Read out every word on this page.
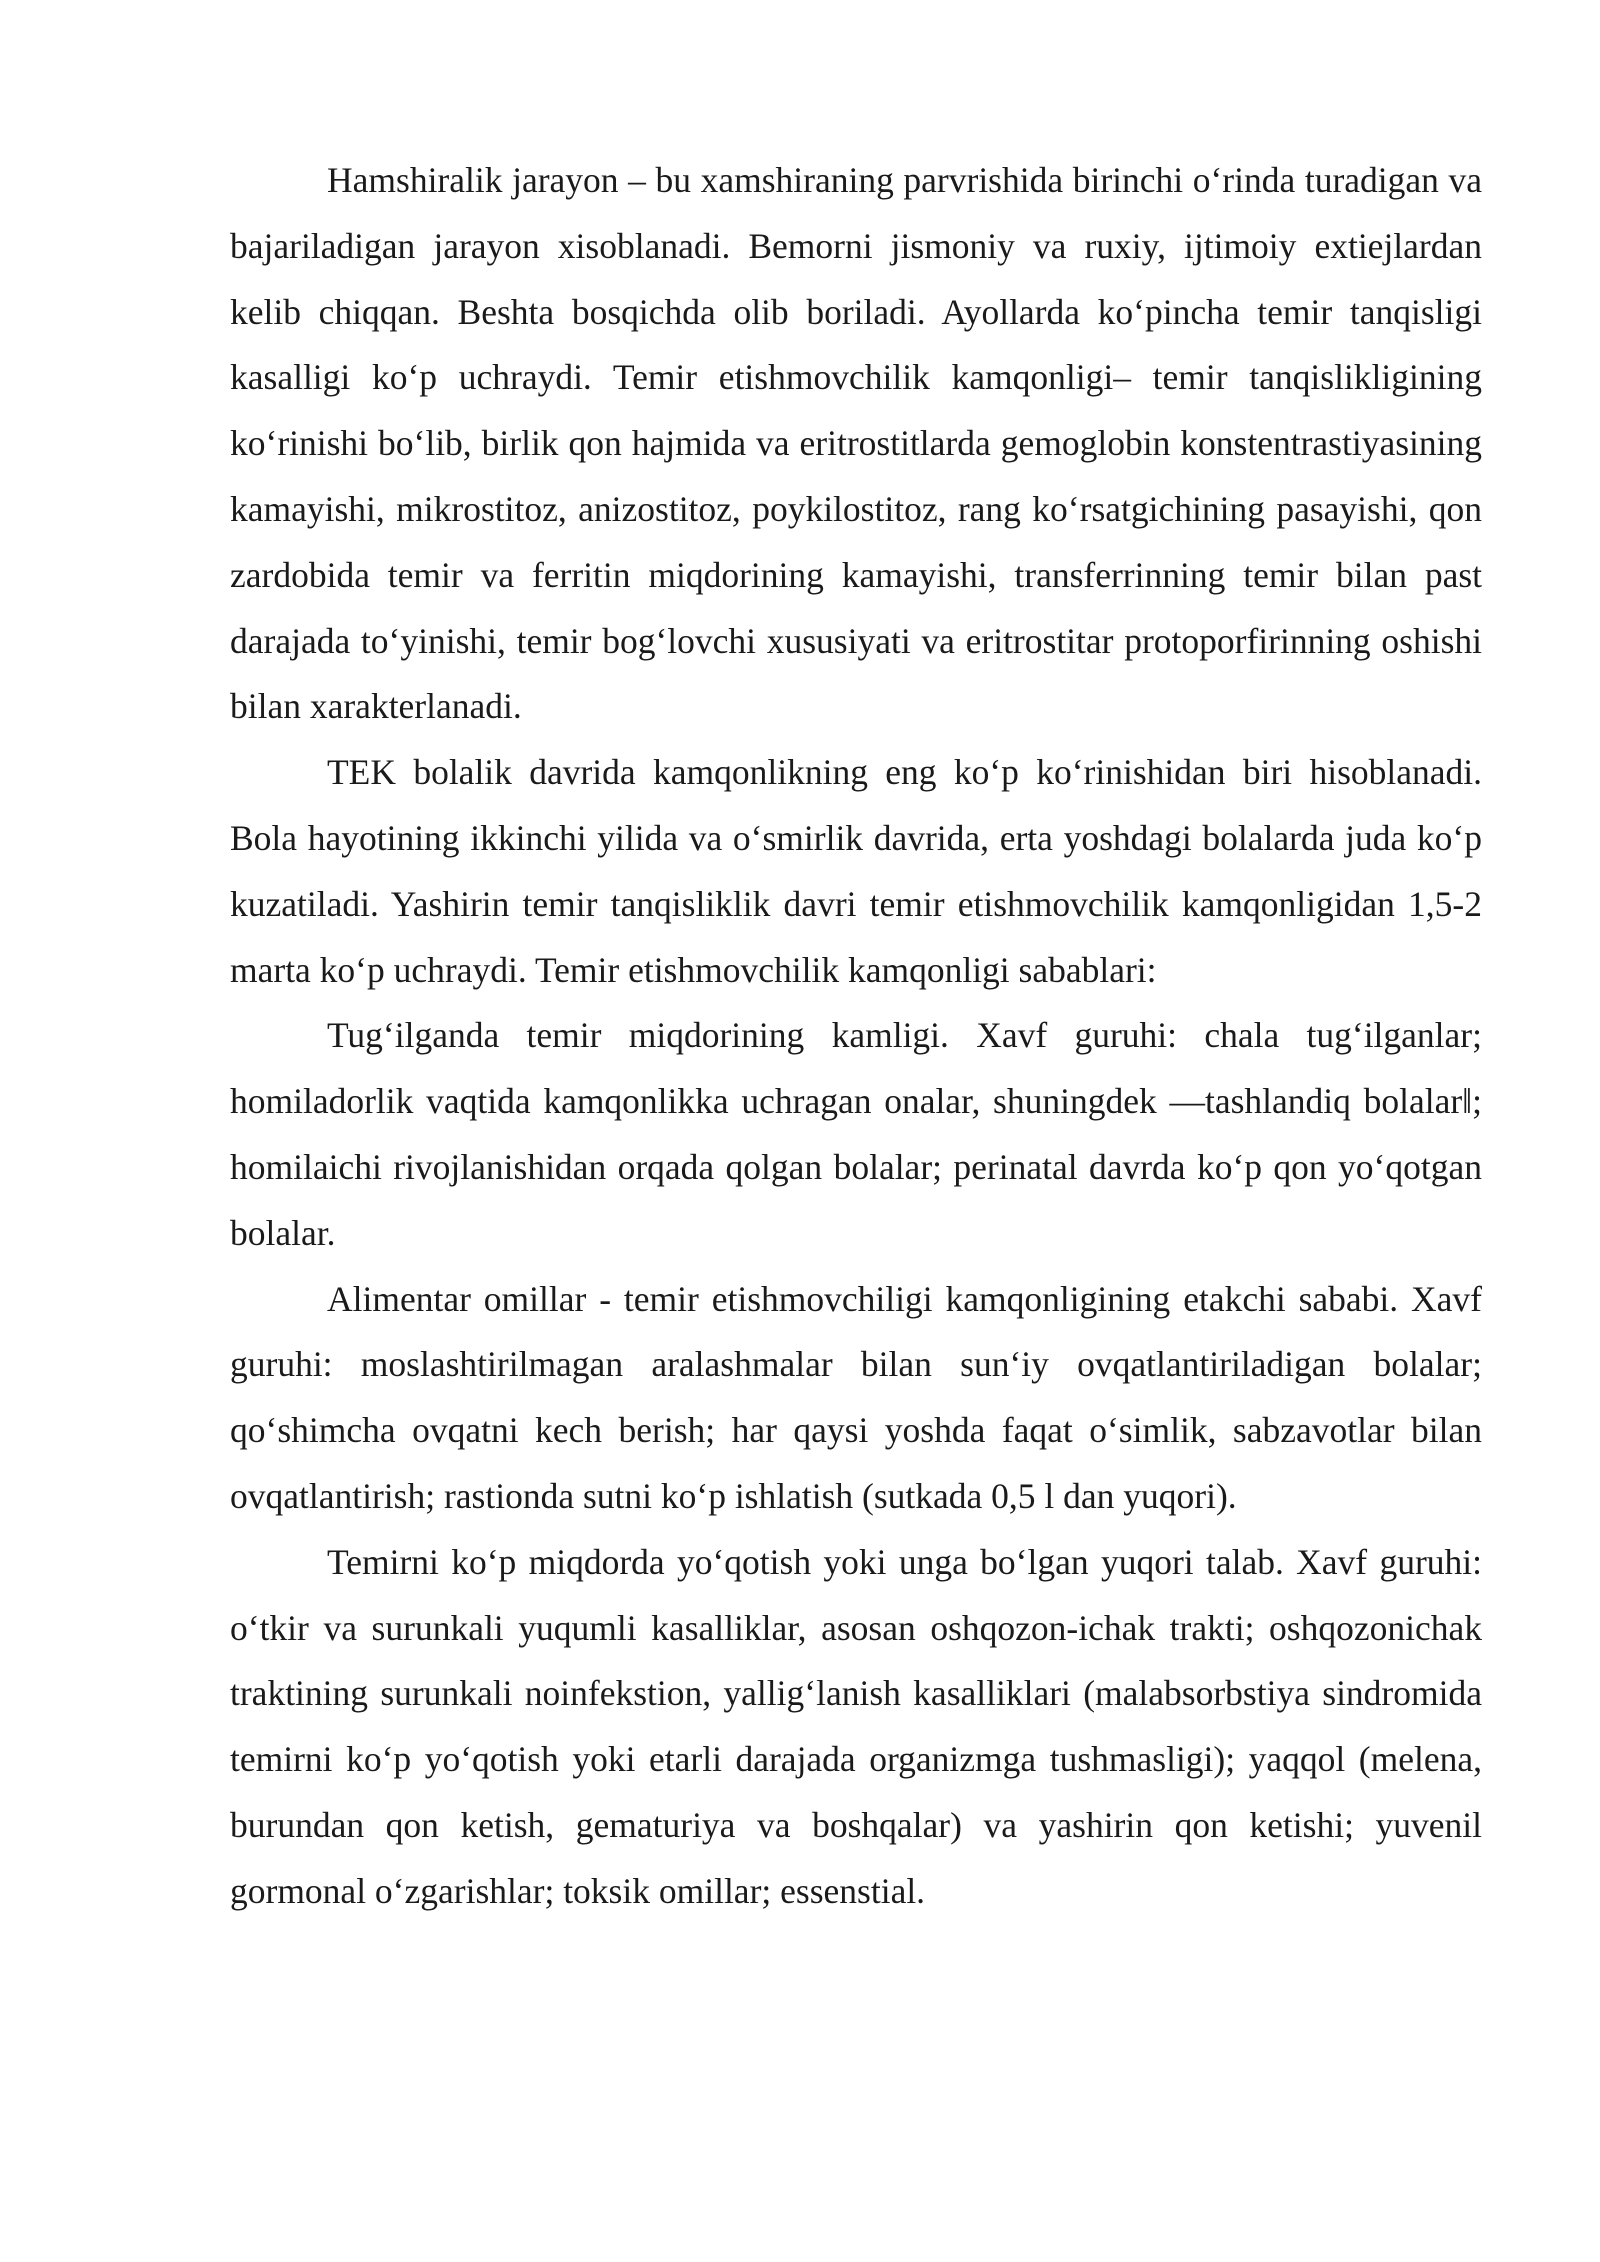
Hamshiralik jarayon – bu xamshiraning parvrishida birinchi o‘rinda turadigan va bajariladigan jarayon xisoblanadi. Bemorni jismoniy va ruxiy, ijtimoiy extiejlardan kelib chiqqan. Beshta bosqichda olib boriladi. Ayollarda ko‘pincha temir tanqisligi kasalligi ko‘p uchraydi. Temir etishmovchilik kamqonligi– temir tanqislikligining ko‘rinishi bo‘lib, birlik qon hajmida va eritrostitlarda gemoglobin konstentrastiyasining kamayishi, mikrostitoz, anizostitoz, poykilostitoz, rang ko‘rsatgichining pasayishi, qon zardobida temir va ferritin miqdorining kamayishi, transferrinning temir bilan past darajada to‘yinishi, temir bog‘lovchi xususiyati va eritrostitar protoporfirinning oshishi bilan xarakterlanadi.

TEK bolalik davrida kamqonlikning eng ko‘p ko‘rinishidan biri hisoblanadi. Bola hayotining ikkinchi yilida va o‘smirlik davrida, erta yoshdagi bolalarda juda ko‘p kuzatiladi. Yashirin temir tanqisliklik davri temir etishmovchilik kamqonligidan 1,5-2 marta ko‘p uchraydi. Temir etishmovchilik kamqonligi sabablari:

Tug‘ilganda temir miqdorining kamligi. Xavf guruhi: chala tug‘ilganlar; homiladorlik vaqtida kamqonlikka uchragan onalar, shuningdek ―tashlandiq bolalar‖; homilaichi rivojlanishidan orqada qolgan bolalar; perinatal davrda ko‘p qon yo‘qotgan bolalar.

Alimentar omillar - temir etishmovchiligi kamqonligining etakchi sababi. Xavf guruhi: moslashtirilmagan aralashmalar bilan sun‘iy ovqatlantiriladigan bolalar; qo‘shimcha ovqatni kech berish; har qaysi yoshda faqat o‘simlik, sabzavotlar bilan ovqatlantirish; rastionda sutni ko‘p ishlatish (sutkada 0,5 l dan yuqori).

Temirni ko‘p miqdorda yo‘qotish yoki unga bo‘lgan yuqori talab. Xavf guruhi: o‘tkir va surunkali yuqumli kasalliklar, asosan oshqozon-ichak trakti; oshqozonichak traktining surunkali noinfekstion, yallig‘lanish kasalliklari (malabsorbstiya sindromida temirni ko‘p yo‘qotish yoki etarli darajada organizmga tushmasligi); yaqqol (melena, burundan qon ketish, gematuriya va boshqalar) va yashirin qon ketishi; yuvenil gormonal o‘zgarishlar; toksik omillar; essenstial.
